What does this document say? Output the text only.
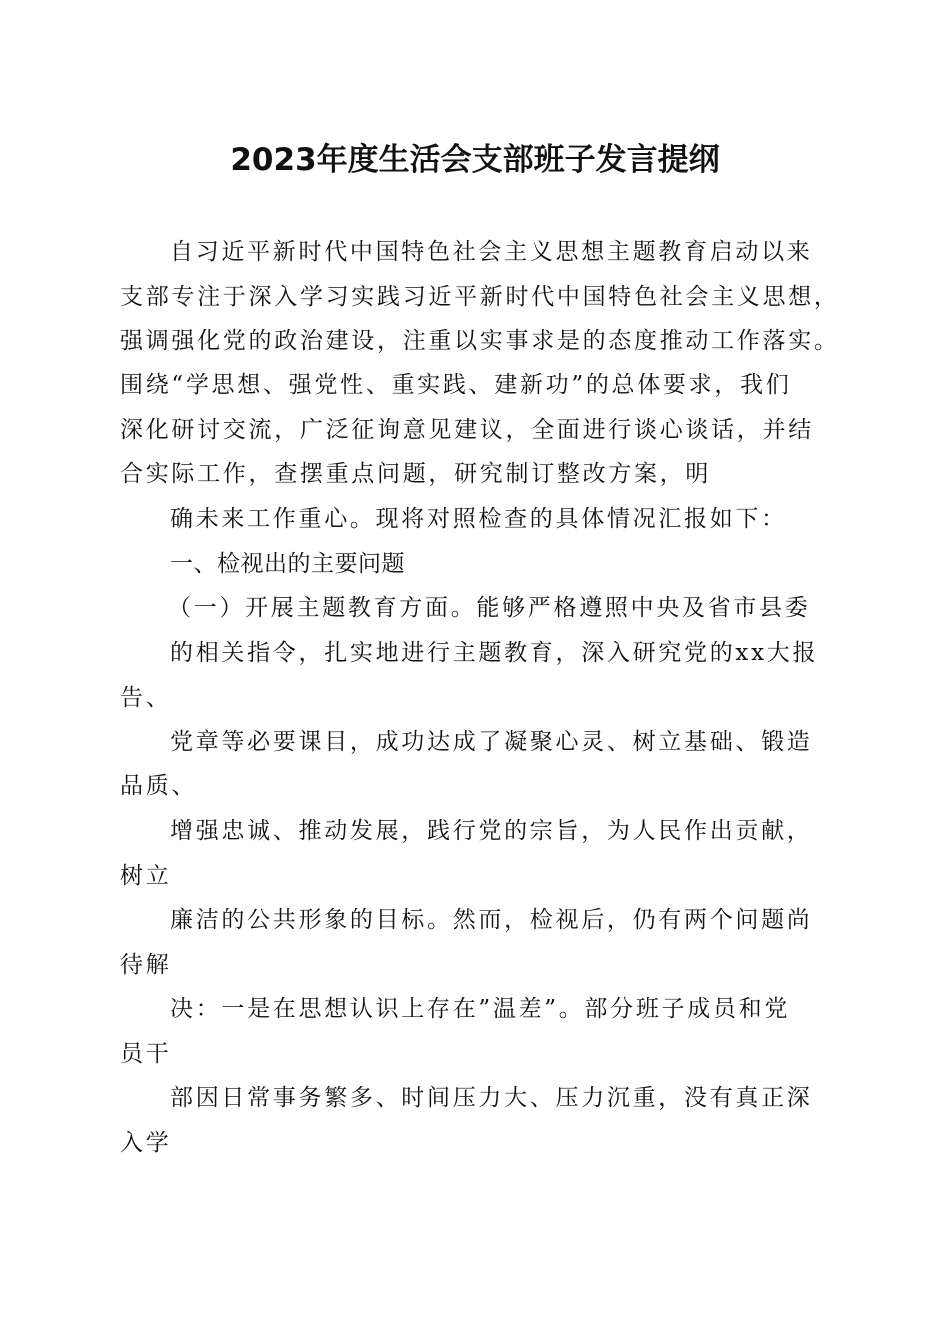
2023年度生活会支部班子发言提纲
自习近平新时代中国特色社会主义思想主题教育启动以来
支部专注于深入学习实践习近平新时代中国特色社会主义思想，
强调强化党的政治建设，注重以实事求是的态度推动工作落实。
围绕“学思想、强党性、重实践、建新功”的总体要求，我们
深化研讨交流，广泛征询意见建议，全面进行谈心谈话，并结
合实际工作，查摆重点问题，研究制订整改方案，明
确未来工作重心。现将对照检查的具体情况汇报如下：
一、检视出的主要问题
（一）开展主题教育方面。能够严格遵照中央及省市县委
的相关指令，扎实地进行主题教育，深入研究党的xx大报
告、
党章等必要课目，成功达成了凝聚心灵、树立基础、锻造
品质、
增强忠诚、推动发展，践行党的宗旨，为人民作出贡献，
树立
廉洁的公共形象的目标。然而，检视后，仍有两个问题尚
待解
决：一是在思想认识上存在”温差”。部分班子成员和党
员干
部因日常事务繁多、时间压力大、压力沉重，没有真正深
入学
